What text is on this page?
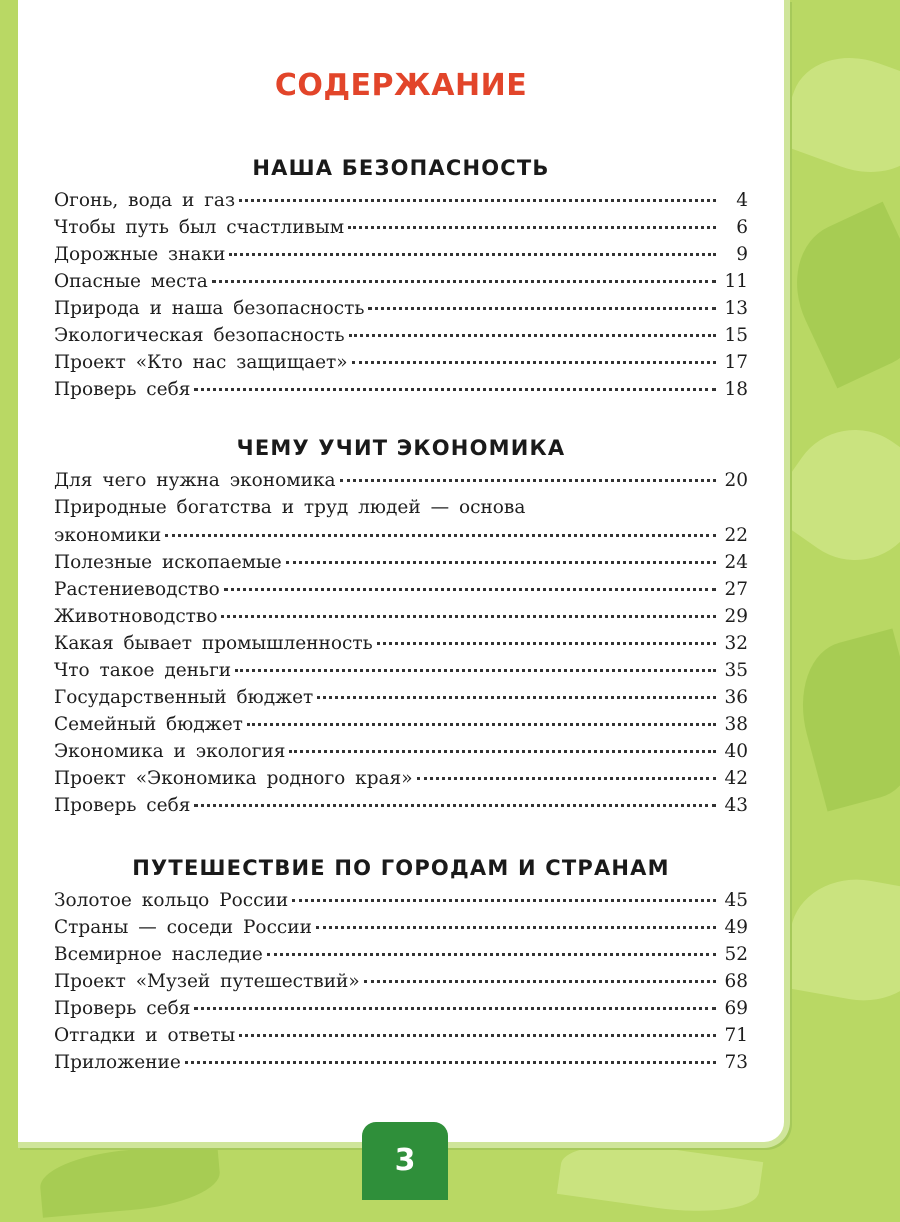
СОДЕРЖАНИЕ
НАША БЕЗОПАСНОСТЬ
Огонь, вода и газ	4
Чтобы путь был счастливым	6
Дорожные знаки	9
Опасные места	11
Природа и наша безопасность	13
Экологическая безопасность	15
Проект «Кто нас защищает»	17
Проверь себя	18
ЧЕМУ УЧИТ ЭКОНОМИКА
Для чего нужна экономика	20
Природные богатства и труд людей — основа
экономики	22
Полезные ископаемые	24
Растениеводство	27
Животноводство	29
Какая бывает промышленность	32
Что такое деньги	35
Государственный бюджет	36
Семейный бюджет	38
Экономика и экология	40
Проект «Экономика родного края»	42
Проверь себя	43
ПУТЕШЕСТВИЕ ПО ГОРОДАМ И СТРАНАМ
Золотое кольцо России	45
Страны — соседи России	49
Всемирное наследие	52
Проект «Музей путешествий»	68
Проверь себя	69
Отгадки и ответы	71
Приложение	73
3
